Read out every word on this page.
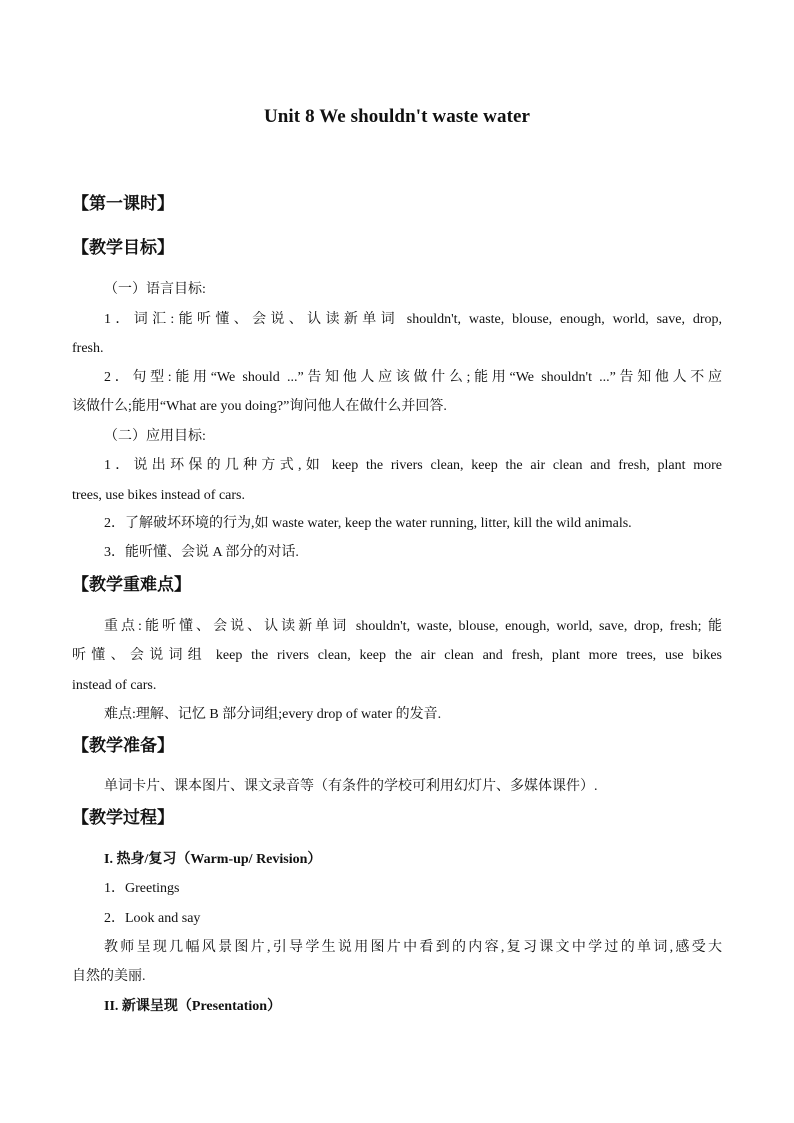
Unit 8 We shouldn't waste water
【第一课时】
【教学目标】
（一）语言目标:
1．词汇:能听懂、会说、认读新单词 shouldn't, waste, blouse, enough, world, save, drop,
fresh.
2．句型:能用“We should ...”告知他人应该做什么;能用“We shouldn't ...”告知他人不应
该做什么;能用“What are you doing?”询问他人在做什么并回答.
（二）应用目标:
1．说出环保的几种方式,如 keep the rivers clean, keep the air clean and fresh, plant more
trees, use bikes instead of cars.
2．了解破坏环境的行为,如 waste water, keep the water running, litter, kill the wild animals.
3．能听懂、会说 A 部分的对话.
【教学重难点】
重点:能听懂、会说、认读新单词 shouldn't, waste, blouse, enough, world, save, drop, fresh; 能
听懂、会说词组 keep the rivers clean, keep the air clean and fresh, plant more trees, use bikes
instead of cars.
难点:理解、记忆 B 部分词组;every drop of water 的发音.
【教学准备】
单词卡片、课本图片、课文录音等（有条件的学校可利用幻灯片、多媒体课件）.
【教学过程】
I. 热身/复习（Warm-up/ Revision）
1．Greetings
2．Look and say
教师呈现几幅风景图片,引导学生说用图片中看到的内容,复习课文中学过的单词,感受大
自然的美丽.
II. 新课呈现（Presentation）
